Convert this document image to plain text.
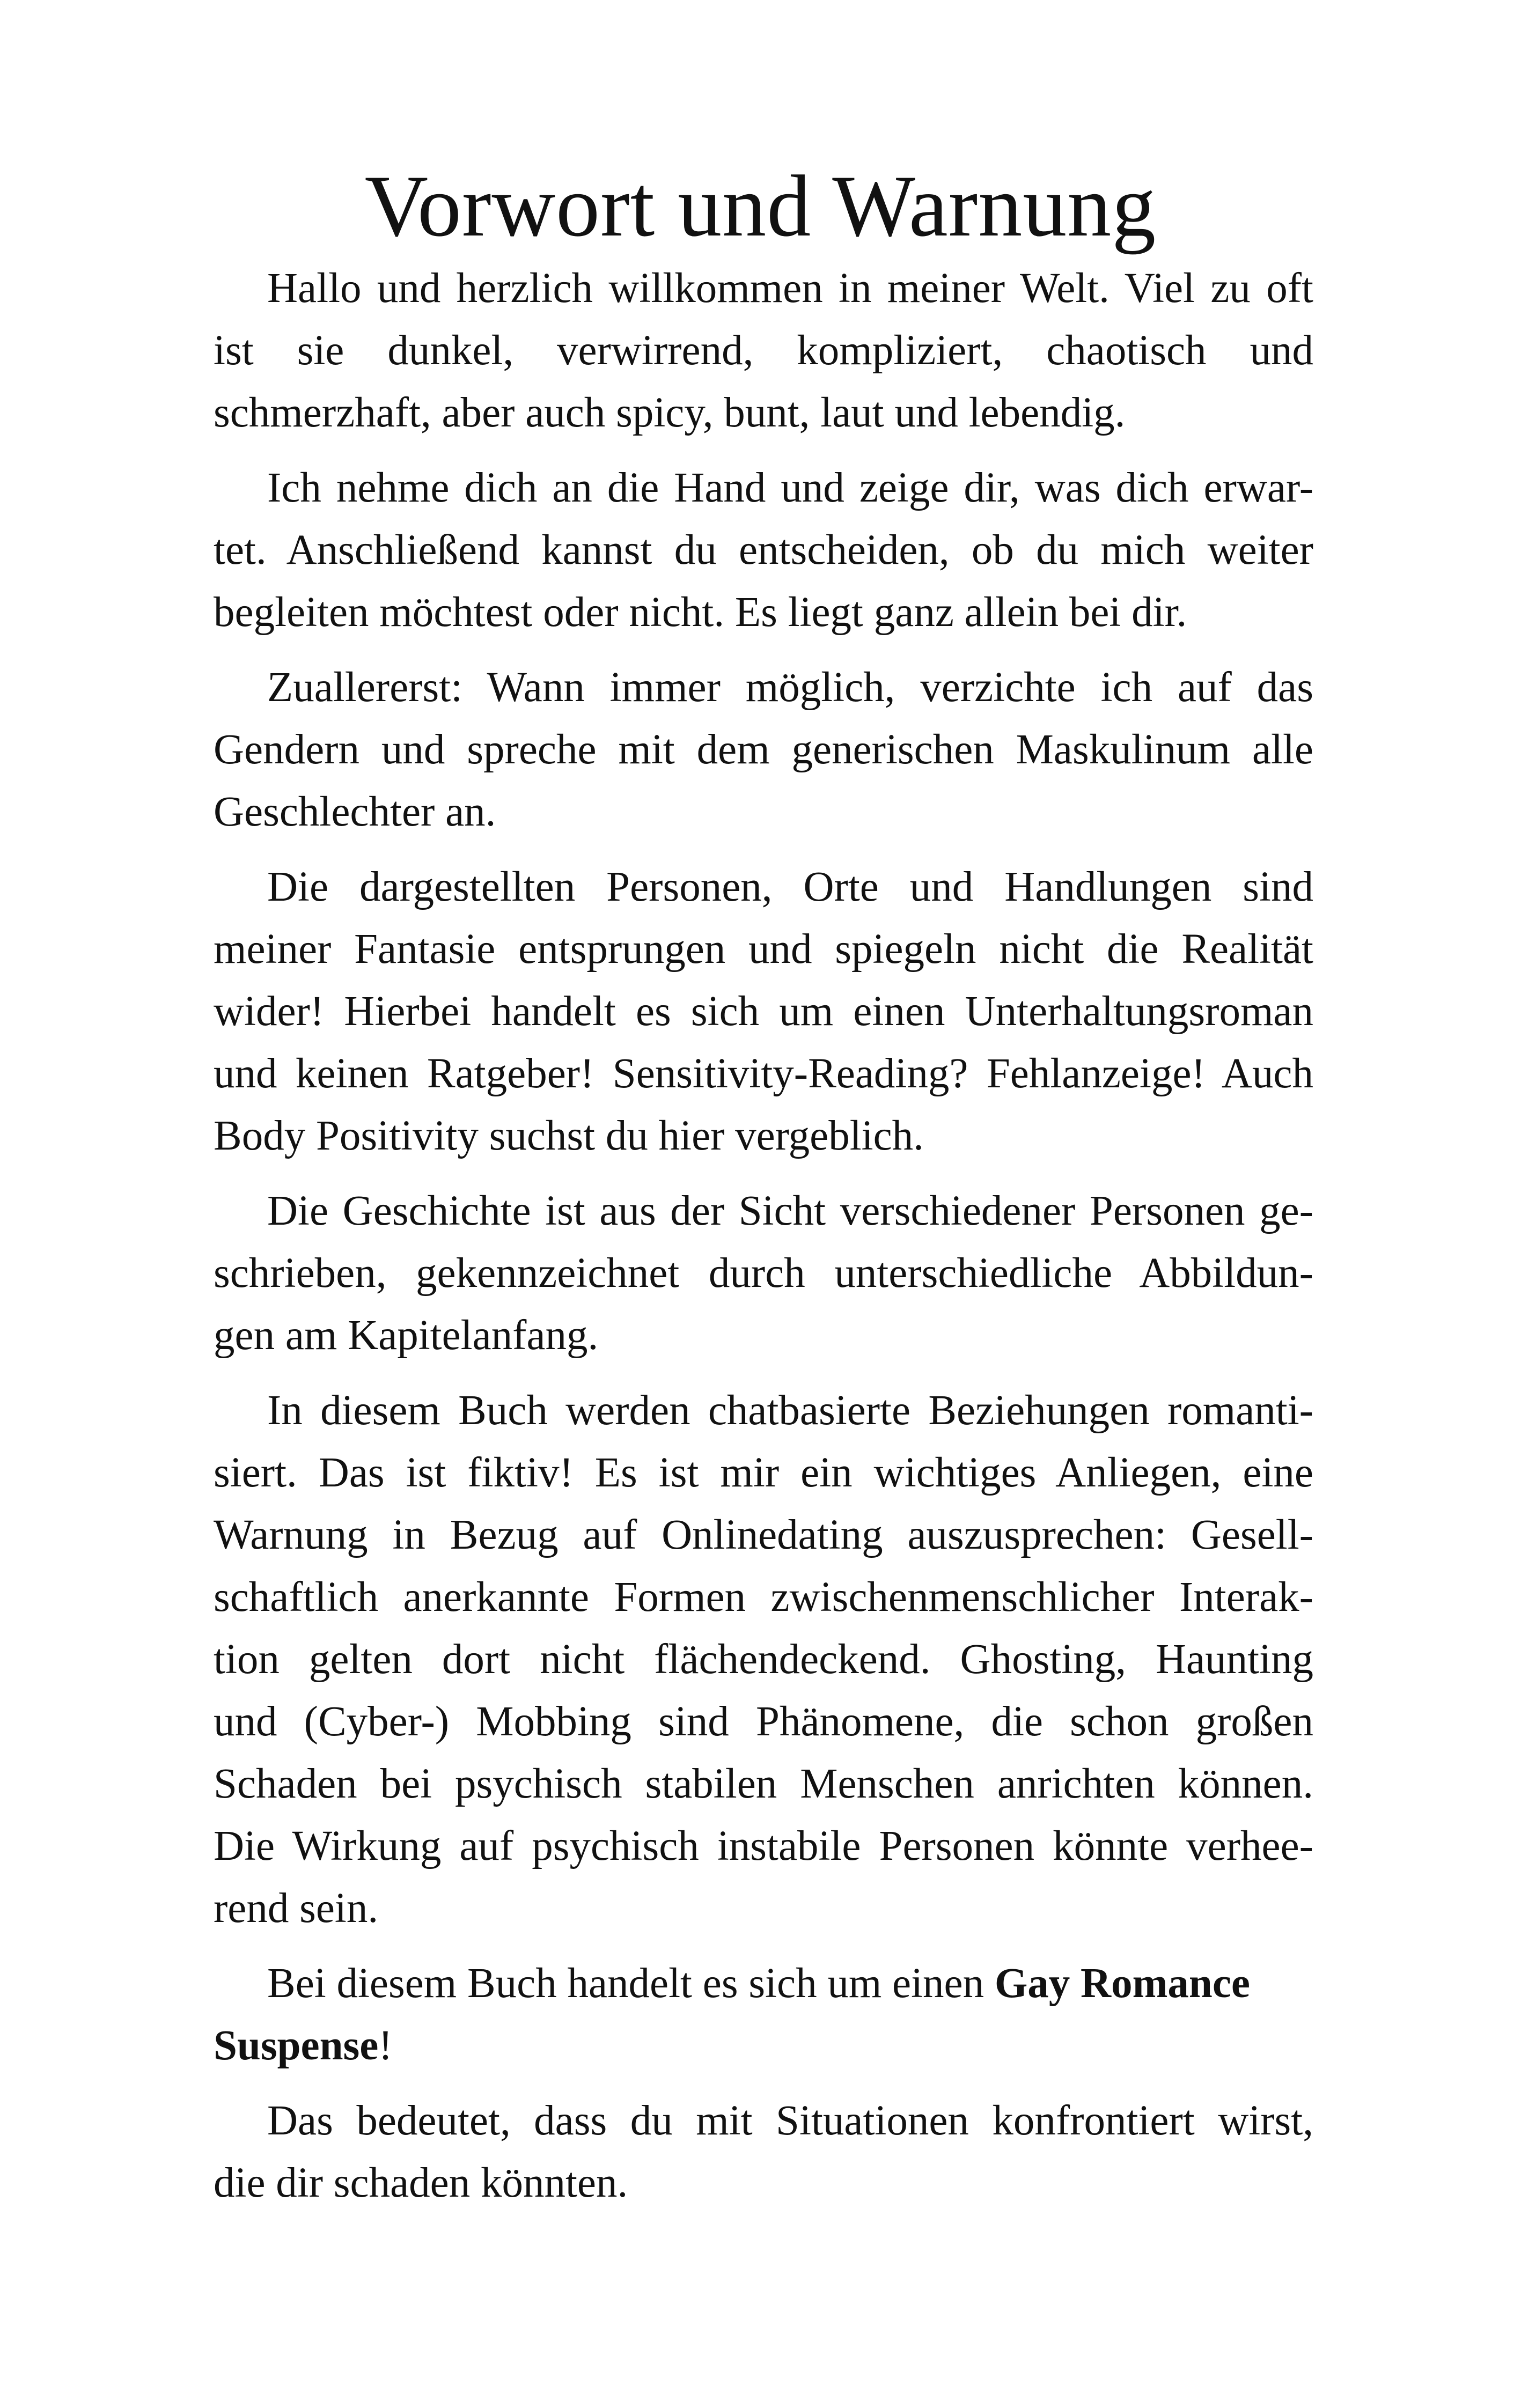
Vorwort und Warnung

Hallo und herzlich willkommen in meiner Welt. Viel zu oft
ist sie dunkel, verwirrend, kompliziert, chaotisch und
schmerzhaft, aber auch spicy, bunt, laut und lebendig.

Ich nehme dich an die Hand und zeige dir, was dich erwar-
tet. Anschließend kannst du entscheiden, ob du mich weiter
begleiten möchtest oder nicht. Es liegt ganz allein bei dir.

Zuallererst: Wann immer möglich, verzichte ich auf das
Gendern und spreche mit dem generischen Maskulinum alle
Geschlechter an.

Die dargestellten Personen, Orte und Handlungen sind
meiner Fantasie entsprungen und spiegeln nicht die Realität
wider! Hierbei handelt es sich um einen Unterhaltungsroman
und keinen Ratgeber! Sensitivity-Reading? Fehlanzeige! Auch
Body Positivity suchst du hier vergeblich.

Die Geschichte ist aus der Sicht verschiedener Personen ge-
schrieben, gekennzeichnet durch unterschiedliche Abbildun-
gen am Kapitelanfang.

In diesem Buch werden chatbasierte Beziehungen romanti-
siert. Das ist fiktiv! Es ist mir ein wichtiges Anliegen, eine
Warnung in Bezug auf Onlinedating auszusprechen: Gesell-
schaftlich anerkannte Formen zwischenmenschlicher Interak-
tion gelten dort nicht flächendeckend. Ghosting, Haunting
und (Cyber-) Mobbing sind Phänomene, die schon großen
Schaden bei psychisch stabilen Menschen anrichten können.
Die Wirkung auf psychisch instabile Personen könnte verhee-
rend sein.

Bei diesem Buch handelt es sich um einen Gay Romance
Suspense!

Das bedeutet, dass du mit Situationen konfrontiert wirst,
die dir schaden könnten.
